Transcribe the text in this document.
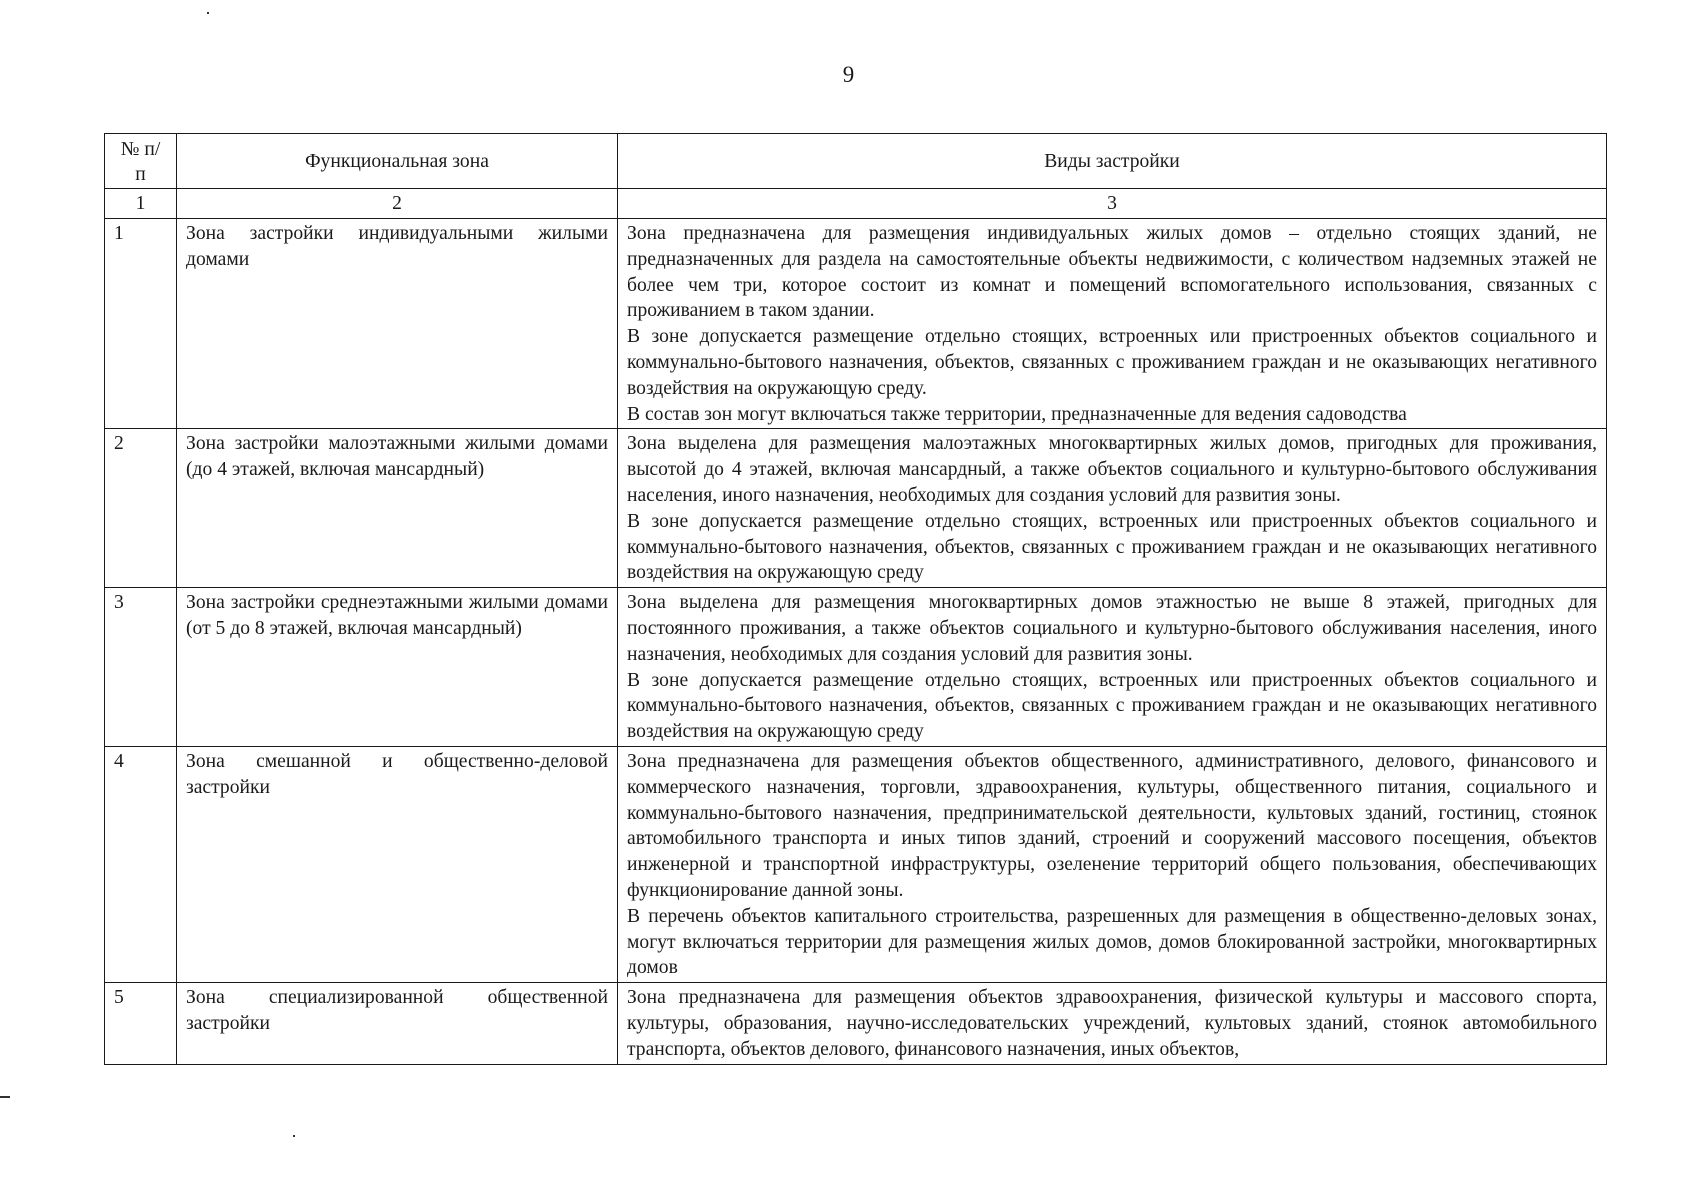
9
№ п/п	Функциональная зона	Виды застройки
1	2	3
1	Зона застройки индивидуальными жилыми домами	Зона предназначена для размещения индивидуальных жилых домов – отдельно стоящих зданий, не предназначенных для раздела на самостоятельные объекты недвижимости, с количеством надземных этажей не более чем три, которое состоит из комнат и помещений вспомогательного использования, связанных с проживанием в таком здании.

В зоне допускается размещение отдельно стоящих, встроенных или пристроенных объектов социального и коммунально-бытового назначения, объектов, связанных с проживанием граждан и не оказывающих негативного воздействия на окружающую среду.

В состав зон могут включаться также территории, предназначенные для ведения садоводства

2	Зона застройки малоэтажными жилыми домами (до 4 этажей, включая мансардный)	Зона выделена для размещения малоэтажных многоквартирных жилых домов, пригодных для проживания, высотой до 4 этажей, включая мансардный, а также объектов социального и культурно-бытового обслуживания населения, иного назначения, необходимых для создания условий для развития зоны.

В зоне допускается размещение отдельно стоящих, встроенных или пристроенных объектов социального и коммунально-бытового назначения, объектов, связанных с проживанием граждан и не оказывающих негативного воздействия на окружающую среду

3	Зона застройки среднеэтажными жилыми домами (от 5 до 8 этажей, включая мансардный)	Зона выделена для размещения многоквартирных домов этажностью не выше 8 этажей, пригодных для постоянного проживания, а также объектов социального и культурно-бытового обслуживания населения, иного назначения, необходимых для создания условий для развития зоны.

В зоне допускается размещение отдельно стоящих, встроенных или пристроенных объектов социального и коммунально-бытового назначения, объектов, связанных с проживанием граждан и не оказывающих негативного воздействия на окружающую среду

4	Зона смешанной и общественно-деловой застройки	Зона предназначена для размещения объектов общественного, административного, делового, финансового и коммерческого назначения, торговли, здравоохранения, культуры, общественного питания, социального и коммунально-бытового назначения, предпринимательской деятельности, культовых зданий, гостиниц, стоянок автомобильного транспорта и иных типов зданий, строений и сооружений массового посещения, объектов инженерной и транспортной инфраструктуры, озеленение территорий общего пользования, обеспечивающих функционирование данной зоны.

В перечень объектов капитального строительства, разрешенных для размещения в общественно-деловых зонах, могут включаться территории для размещения жилых домов, домов блокированной застройки, многоквартирных домов

5	Зона специализированной общественной застройки	Зона предназначена для размещения объектов здравоохранения, физической культуры и массового спорта, культуры, образования, научно-исследовательских учреждений, культовых зданий, стоянок автомобильного транспорта, объектов делового, финансового назначения, иных объектов,
